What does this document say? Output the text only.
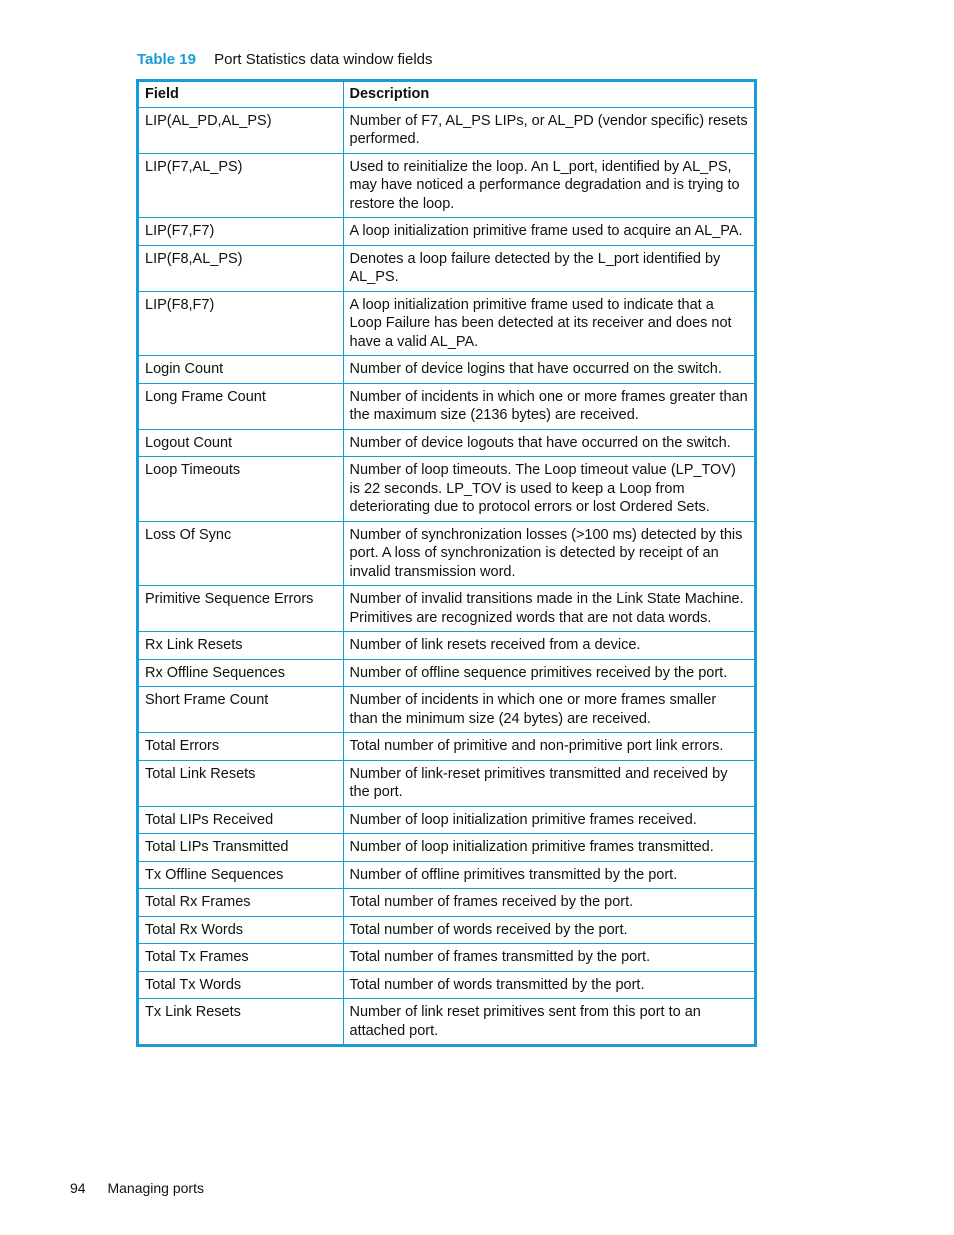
Table 19 Port Statistics data window fields
Field	Description
LIP(AL_PD,AL_PS)	Number of F7, AL_PS LIPs, or AL_PD (vendor specific) resets performed.
LIP(F7,AL_PS)	Used to reinitialize the loop. An L_port, identified by AL_PS, may have noticed a performance degradation and is trying to restore the loop.
LIP(F7,F7)	A loop initialization primitive frame used to acquire an AL_PA.
LIP(F8,AL_PS)	Denotes a loop failure detected by the L_port identified by AL_PS.
LIP(F8,F7)	A loop initialization primitive frame used to indicate that a Loop Failure has been detected at its receiver and does not have a valid AL_PA.
Login Count	Number of device logins that have occurred on the switch.
Long Frame Count	Number of incidents in which one or more frames greater than the maximum size (2136 bytes) are received.
Logout Count	Number of device logouts that have occurred on the switch.
Loop Timeouts	Number of loop timeouts. The Loop timeout value (LP_TOV) is 22 seconds. LP_TOV is used to keep a Loop from deteriorating due to protocol errors or lost Ordered Sets.
Loss Of Sync	Number of synchronization losses (>100 ms) detected by this port. A loss of synchronization is detected by receipt of an invalid transmission word.
Primitive Sequence Errors	Number of invalid transitions made in the Link State Machine. Primitives are recognized words that are not data words.
Rx Link Resets	Number of link resets received from a device.
Rx Offline Sequences	Number of offline sequence primitives received by the port.
Short Frame Count	Number of incidents in which one or more frames smaller than the minimum size (24 bytes) are received.
Total Errors	Total number of primitive and non-primitive port link errors.
Total Link Resets	Number of link-reset primitives transmitted and received by the port.
Total LIPs Received	Number of loop initialization primitive frames received.
Total LIPs Transmitted	Number of loop initialization primitive frames transmitted.
Tx Offline Sequences	Number of offline primitives transmitted by the port.
Total Rx Frames	Total number of frames received by the port.
Total Rx Words	Total number of words received by the port.
Total Tx Frames	Total number of frames transmitted by the port.
Total Tx Words	Total number of words transmitted by the port.
Tx Link Resets	Number of link reset primitives sent from this port to an attached port.
94 Managing ports
